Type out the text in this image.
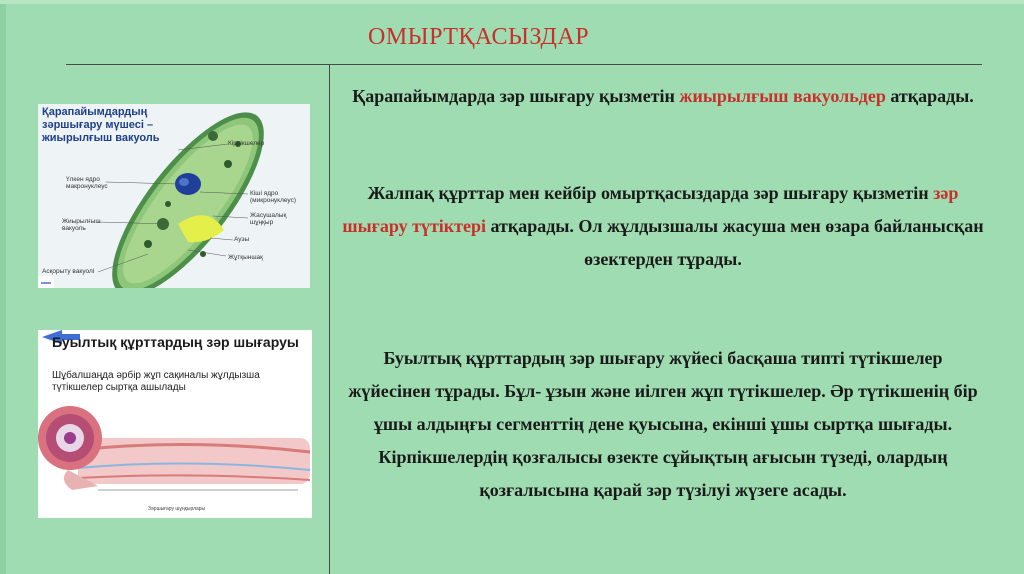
ОМЫРТҚАСЫЗДАР
Қарапайымдардың зәршығару мүшесі – жиырылғыш вакуоль	Кірпікшелер
Үлкен ядро макронуклеус
Кіші ядро (микронуклеус)
Жасушалық шұңқыр
Жиырылғыш вакуоль
Аузы
Жұтқыншақ
Асқорыту вакуолі
Буылтық құрттардың зәр шығаруы
Шұбалшаңда әрбір жұп сақиналы жұлдызша түтікшелер сыртқа ашылады
Зәршығару шұңқырлары

Қарапайымдарда зәр шығару қызметін жиырылғыш вакуольдер атқарады.

Жалпақ құрттар мен кейбір омыртқасыздарда зәр шығару қызметін зәр шығару түтіктері атқарады. Ол жұлдызшалы жасуша мен өзара байланысқан өзектерден тұрады.

Буылтық құрттардың зәр шығару жүйесі басқаша типті түтікшелер жүйесінен тұрады. Бұл- ұзын және иілген жұп түтікшелер. Әр түтікшенің бір ұшы алдыңғы сегменттің дене қуысына, екінші ұшы сыртқа шығады. Кірпікшелердің қозғалысы өзекте сұйықтың ағысын түзеді, олардың қозғалысына қарай зәр түзілуі жүзеге асады.
